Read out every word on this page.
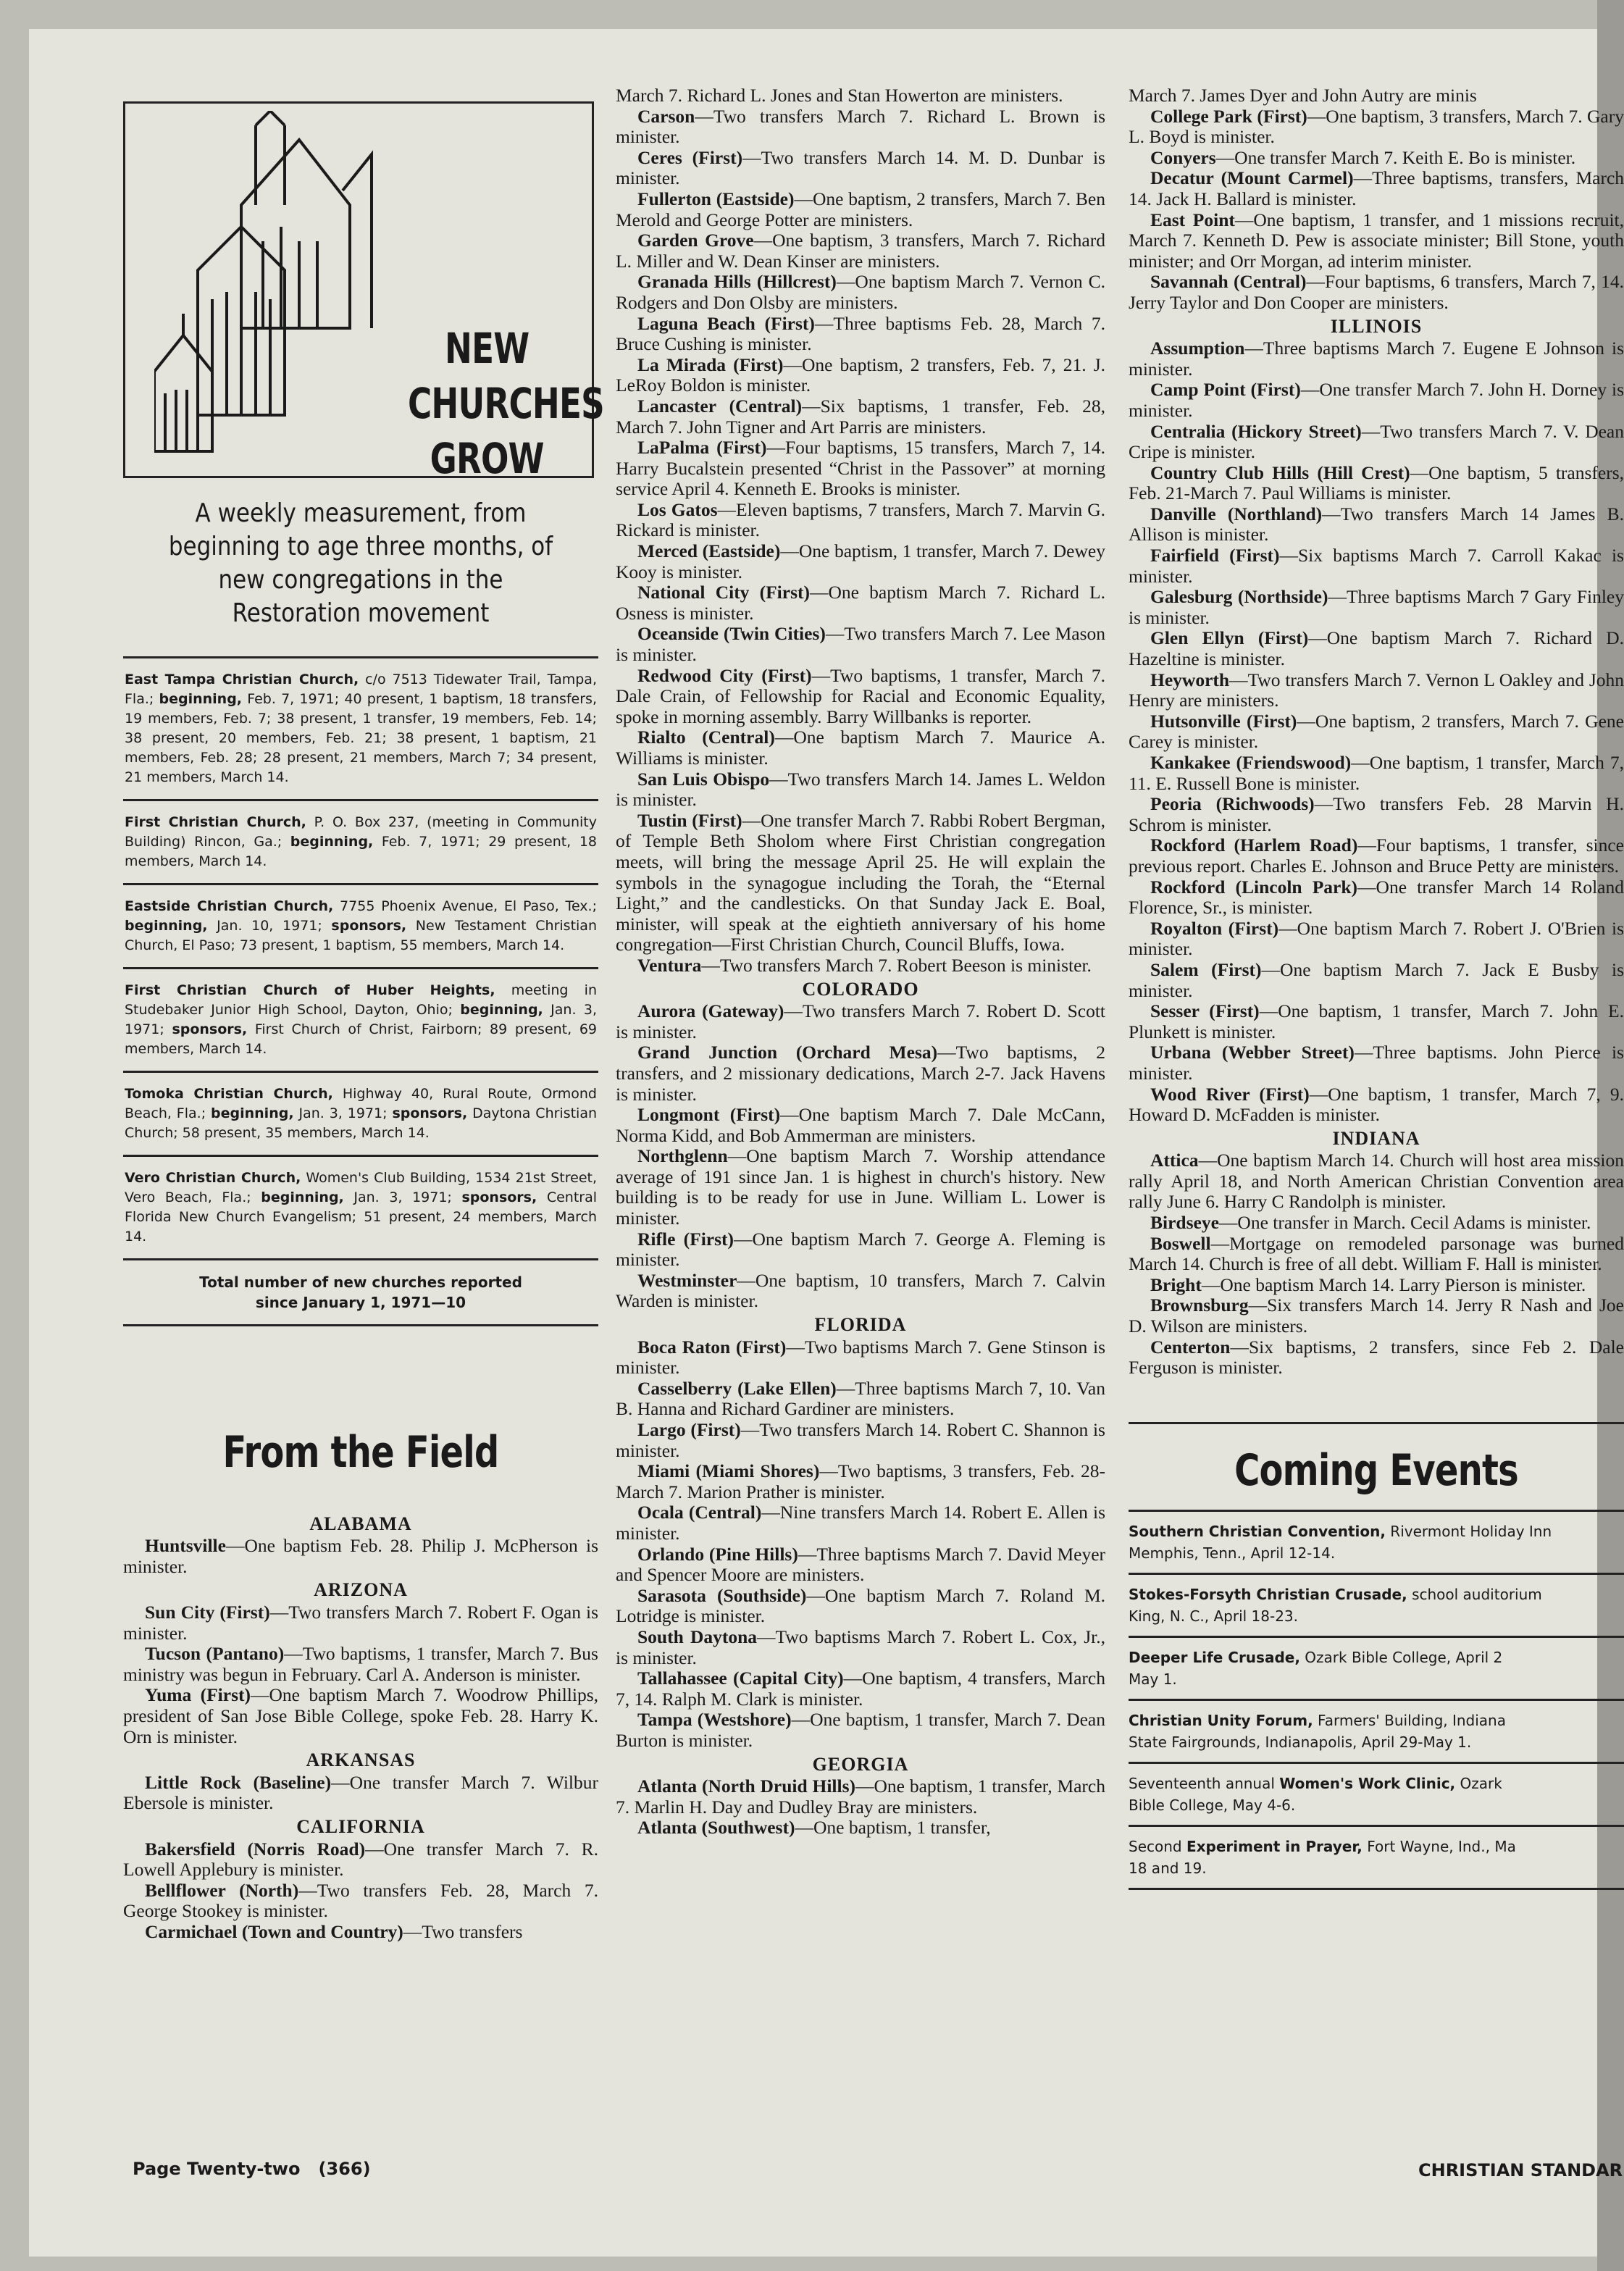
NEW
CHURCHES
GROW
A weekly measurement, from beginning to age three months, of new congregations in the Restoration movement
East Tampa Christian Church, c/o 7513 Tidewater Trail, Tampa, Fla.; beginning, Feb. 7, 1971; 40 present, 1 baptism, 18 transfers, 19 members, Feb. 7; 38 present, 1 transfer, 19 members, Feb. 14; 38 present, 20 members, Feb. 21; 38 present, 1 baptism, 21 members, Feb. 28; 28 present, 21 members, March 7; 34 present, 21 members, March 14.
First Christian Church, P. O. Box 237, (meeting in Community Building) Rincon, Ga.; beginning, Feb. 7, 1971; 29 present, 18 members, March 14.
Eastside Christian Church, 7755 Phoenix Avenue, El Paso, Tex.; beginning, Jan. 10, 1971; sponsors, New Testament Christian Church, El Paso; 73 present, 1 baptism, 55 members, March 14.
First Christian Church of Huber Heights, meeting in Studebaker Junior High School, Dayton, Ohio; beginning, Jan. 3, 1971; sponsors, First Church of Christ, Fairborn; 89 present, 69 members, March 14.
Tomoka Christian Church, Highway 40, Rural Route, Ormond Beach, Fla.; beginning, Jan. 3, 1971; sponsors, Daytona Christian Church; 58 present, 35 members, March 14.
Vero Christian Church, Women's Club Building, 1534 21st Street, Vero Beach, Fla.; beginning, Jan. 3, 1971; sponsors, Central Florida New Church Evangelism; 51 present, 24 members, March 14.
Total number of new churches reported
since January 1, 1971—10
From the Field
ALABAMA

Huntsville—One baptism Feb. 28. Philip J. McPherson is minister.

ARIZONA

Sun City (First)—Two transfers March 7. Robert F. Ogan is minister.

Tucson (Pantano)—Two baptisms, 1 transfer, March 7. Bus ministry was begun in February. Carl A. Anderson is minister.

Yuma (First)—One baptism March 7. Woodrow Phillips, president of San Jose Bible College, spoke Feb. 28. Harry K. Orn is minister.

ARKANSAS

Little Rock (Baseline)—One transfer March 7. Wilbur Ebersole is minister.

CALIFORNIA

Bakersfield (Norris Road)—One transfer March 7. R. Lowell Applebury is minister.

Bellflower (North)—Two transfers Feb. 28, March 7. George Stookey is minister.

Carmichael (Town and Country)—Two transfers

March 7. Richard L. Jones and Stan Howerton are ministers.

Carson—Two transfers March 7. Richard L. Brown is minister.

Ceres (First)—Two transfers March 14. M. D. Dunbar is minister.

Fullerton (Eastside)—One baptism, 2 transfers, March 7. Ben Merold and George Potter are ministers.

Garden Grove—One baptism, 3 transfers, March 7. Richard L. Miller and W. Dean Kinser are ministers.

Granada Hills (Hillcrest)—One baptism March 7. Vernon C. Rodgers and Don Olsby are ministers.

Laguna Beach (First)—Three baptisms Feb. 28, March 7. Bruce Cushing is minister.

La Mirada (First)—One baptism, 2 transfers, Feb. 7, 21. J. LeRoy Boldon is minister.

Lancaster (Central)—Six baptisms, 1 transfer, Feb. 28, March 7. John Tigner and Art Parris are ministers.

LaPalma (First)—Four baptisms, 15 transfers, March 7, 14. Harry Bucalstein presented “Christ in the Passover” at morning service April 4. Kenneth E. Brooks is minister.

Los Gatos—Eleven baptisms, 7 transfers, March 7. Marvin G. Rickard is minister.

Merced (Eastside)—One baptism, 1 transfer, March 7. Dewey Kooy is minister.

National City (First)—One baptism March 7. Richard L. Osness is minister.

Oceanside (Twin Cities)—Two transfers March 7. Lee Mason is minister.

Redwood City (First)—Two baptisms, 1 transfer, March 7. Dale Crain, of Fellowship for Racial and Economic Equality, spoke in morning assembly. Barry Willbanks is reporter.

Rialto (Central)—One baptism March 7. Maurice A. Williams is minister.

San Luis Obispo—Two transfers March 14. James L. Weldon is minister.

Tustin (First)—One transfer March 7. Rabbi Robert Bergman, of Temple Beth Sholom where First Christian congregation meets, will bring the message April 25. He will explain the symbols in the synagogue including the Torah, the “Eternal Light,” and the candlesticks. On that Sunday Jack E. Boal, minister, will speak at the eightieth anniversary of his home congregation—First Christian Church, Council Bluffs, Iowa.

Ventura—Two transfers March 7. Robert Beeson is minister.

COLORADO

Aurora (Gateway)—Two transfers March 7. Robert D. Scott is minister.

Grand Junction (Orchard Mesa)—Two baptisms, 2 transfers, and 2 missionary dedications, March 2-7. Jack Havens is minister.

Longmont (First)—One baptism March 7. Dale McCann, Norma Kidd, and Bob Ammerman are ministers.

Northglenn—One baptism March 7. Worship attendance average of 191 since Jan. 1 is highest in church's history. New building is to be ready for use in June. William L. Lower is minister.

Rifle (First)—One baptism March 7. George A. Fleming is minister.

Westminster—One baptism, 10 transfers, March 7. Calvin Warden is minister.

FLORIDA

Boca Raton (First)—Two baptisms March 7. Gene Stinson is minister.

Casselberry (Lake Ellen)—Three baptisms March 7, 10. Van B. Hanna and Richard Gardiner are ministers.

Largo (First)—Two transfers March 14. Robert C. Shannon is minister.

Miami (Miami Shores)—Two baptisms, 3 transfers, Feb. 28-March 7. Marion Prather is minister.

Ocala (Central)—Nine transfers March 14. Robert E. Allen is minister.

Orlando (Pine Hills)—Three baptisms March 7. David Meyer and Spencer Moore are ministers.

Sarasota (Southside)—One baptism March 7. Roland M. Lotridge is minister.

South Daytona—Two baptisms March 7. Robert L. Cox, Jr., is minister.

Tallahassee (Capital City)—One baptism, 4 transfers, March 7, 14. Ralph M. Clark is minister.

Tampa (Westshore)—One baptism, 1 transfer, March 7. Dean Burton is minister.

GEORGIA

Atlanta (North Druid Hills)—One baptism, 1 transfer, March 7. Marlin H. Day and Dudley Bray are ministers.

Atlanta (Southwest)—One baptism, 1 transfer,

March 7. James Dyer and John Autry are minis

College Park (First)—One baptism, 3 transfers, March 7. Gary L. Boyd is minister.

Conyers—One transfer March 7. Keith E. Bo is minister.

Decatur (Mount Carmel)—Three baptisms, transfers, March 14. Jack H. Ballard is minister.

East Point—One baptism, 1 transfer, and 1 missions recruit, March 7. Kenneth D. Pew is associate minister; Bill Stone, youth minister; and Orr Morgan, ad interim minister.

Savannah (Central)—Four baptisms, 6 transfers, March 7, 14. Jerry Taylor and Don Cooper are ministers.

ILLINOIS

Assumption—Three baptisms March 7. Eugene E Johnson is minister.

Camp Point (First)—One transfer March 7. John H. Dorney is minister.

Centralia (Hickory Street)—Two transfers March 7. V. Dean Cripe is minister.

Country Club Hills (Hill Crest)—One baptism, 5 transfers, Feb. 21-March 7. Paul Williams is minister.

Danville (Northland)—Two transfers March 14 James B. Allison is minister.

Fairfield (First)—Six baptisms March 7. Carroll Kakac is minister.

Galesburg (Northside)—Three baptisms March 7 Gary Finley is minister.

Glen Ellyn (First)—One baptism March 7. Richard D. Hazeltine is minister.

Heyworth—Two transfers March 7. Vernon L Oakley and John Henry are ministers.

Hutsonville (First)—One baptism, 2 transfers, March 7. Gene Carey is minister.

Kankakee (Friendswood)—One baptism, 1 transfer, March 7, 11. E. Russell Bone is minister.

Peoria (Richwoods)—Two transfers Feb. 28 Marvin H. Schrom is minister.

Rockford (Harlem Road)—Four baptisms, 1 transfer, since previous report. Charles E. Johnson and Bruce Petty are ministers.

Rockford (Lincoln Park)—One transfer March 14 Roland Florence, Sr., is minister.

Royalton (First)—One baptism March 7. Robert J. O'Brien is minister.

Salem (First)—One baptism March 7. Jack E Busby is minister.

Sesser (First)—One baptism, 1 transfer, March 7. John E. Plunkett is minister.

Urbana (Webber Street)—Three baptisms. John Pierce is minister.

Wood River (First)—One baptism, 1 transfer, March 7, 9. Howard D. McFadden is minister.

INDIANA

Attica—One baptism March 14. Church will host area mission rally April 18, and North American Christian Convention area rally June 6. Harry C Randolph is minister.

Birdseye—One transfer in March. Cecil Adams is minister.

Boswell—Mortgage on remodeled parsonage was burned March 14. Church is free of all debt. William F. Hall is minister.

Bright—One baptism March 14. Larry Pierson is minister.

Brownsburg—Six transfers March 14. Jerry R Nash and Joe D. Wilson are ministers.

Centerton—Six baptisms, 2 transfers, since Feb 2. Dale Ferguson is minister.

Coming Events
Southern Christian Convention, Rivermont Holiday Inn
Memphis, Tenn., April 12-14.
Stokes-Forsyth Christian Crusade, school auditorium
King, N. C., April 18-23.
Deeper Life Crusade, Ozark Bible College, April 2
May 1.
Christian Unity Forum, Farmers' Building, Indiana
State Fairgrounds, Indianapolis, April 29-May 1.
Seventeenth annual Women's Work Clinic, Ozark
Bible College, May 4-6.
Second Experiment in Prayer, Fort Wayne, Ind., Ma
18 and 19.
Page Twenty-two (366)	CHRISTIAN STANDAR
